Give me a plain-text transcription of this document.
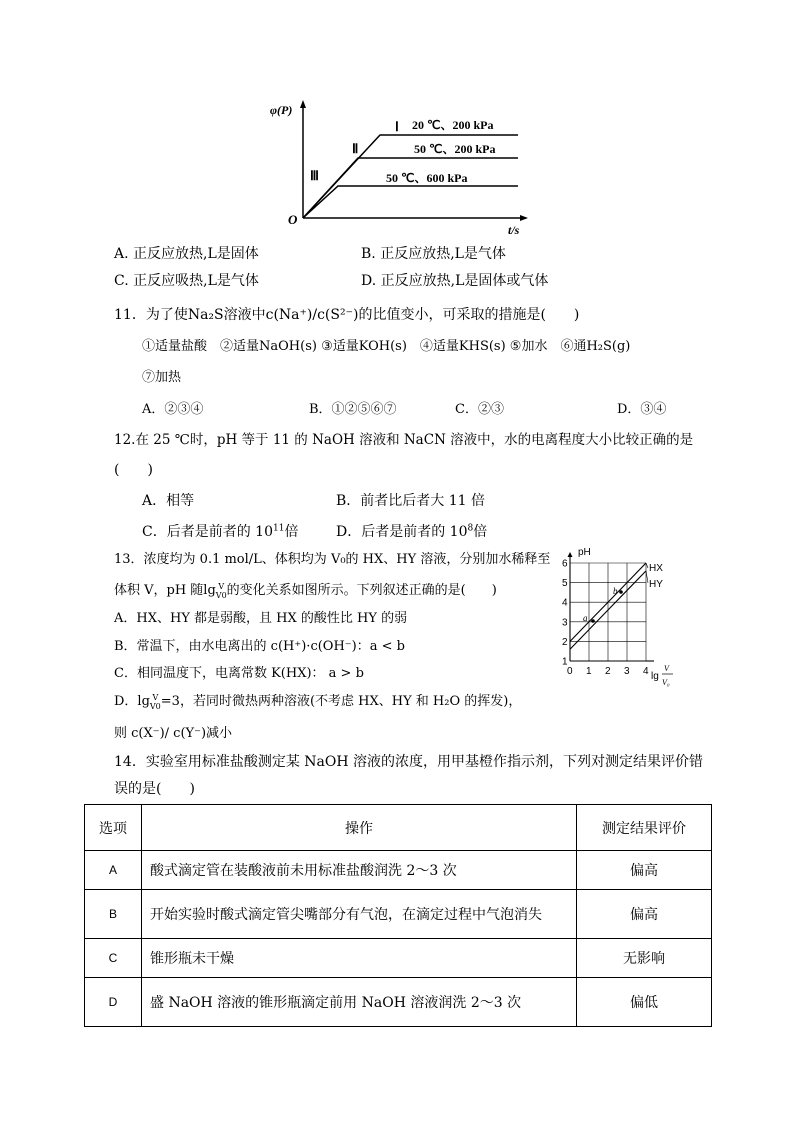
φ(P)
t/s
O
Ⅰ 20 ℃、200 kPa
Ⅱ	50 ℃、200 kPa
Ⅲ	50 ℃、600 kPa
A. 正反应放热,L是固体	B. 正反应放热,L是气体
C. 正反应吸热,L是气体	D. 正反应放热,L是固体或气体
11．为了使Na₂S溶液中c(Na⁺)/c(S²⁻)的比值变小，可采取的措施是(　　)
①适量盐酸　②适量NaOH(s) ③适量KOH(s)　④适量KHS(s) ⑤加水　⑥通H₂S(g)
⑦加热
A．②③④	B．①②⑤⑥⑦	C．②③	D．③④
12.在 25 ℃时，pH 等于 11 的 NaOH 溶液和 NaCN 溶液中，水的电离程度大小比较正确的是
(　　)
A．相等	B．前者比后者大 11 倍
C．后者是前者的 $10^{11}$倍	D．后者是前者的 $10^8$倍
13．浓度均为 0.1 mol/L、体积均为 V₀的 HX、HY 溶液，分别加水稀释至
体积 V，pH 随lg V
V0 的变化关系如图所示。下列叙述正确的是(　　)
A．HX、HY 都是弱酸，且 HX 的酸性比 HY 的弱
B．常温下，由水电离出的 c(H⁺)·c(OH⁻)：a < b
C．相同温度下，电离常数 K(HX)： a > b
D．lg V
V0 =3，若同时微热两种溶液(不考虑 HX、HY 和 H₂O 的挥发)，
则 c(X⁻)/ c(Y⁻)减小
1
2
3
4
5
6
0 1 2 3 4
pH
lg
V
V₀
HX
HY
a
b
14．实验室用标准盐酸测定某 NaOH 溶液的浓度，用甲基橙作指示剂，下列对测定结果评价错
误的是(　　)
选项	操作	测定结果评价
A	酸式滴定管在装酸液前未用标准盐酸润洗 2～3 次	偏高
B	开始实验时酸式滴定管尖嘴部分有气泡，在滴定过程中气泡消失	偏高
C	锥形瓶未干燥	无影响
D	盛 NaOH 溶液的锥形瓶滴定前用 NaOH 溶液润洗 2～3 次	偏低
